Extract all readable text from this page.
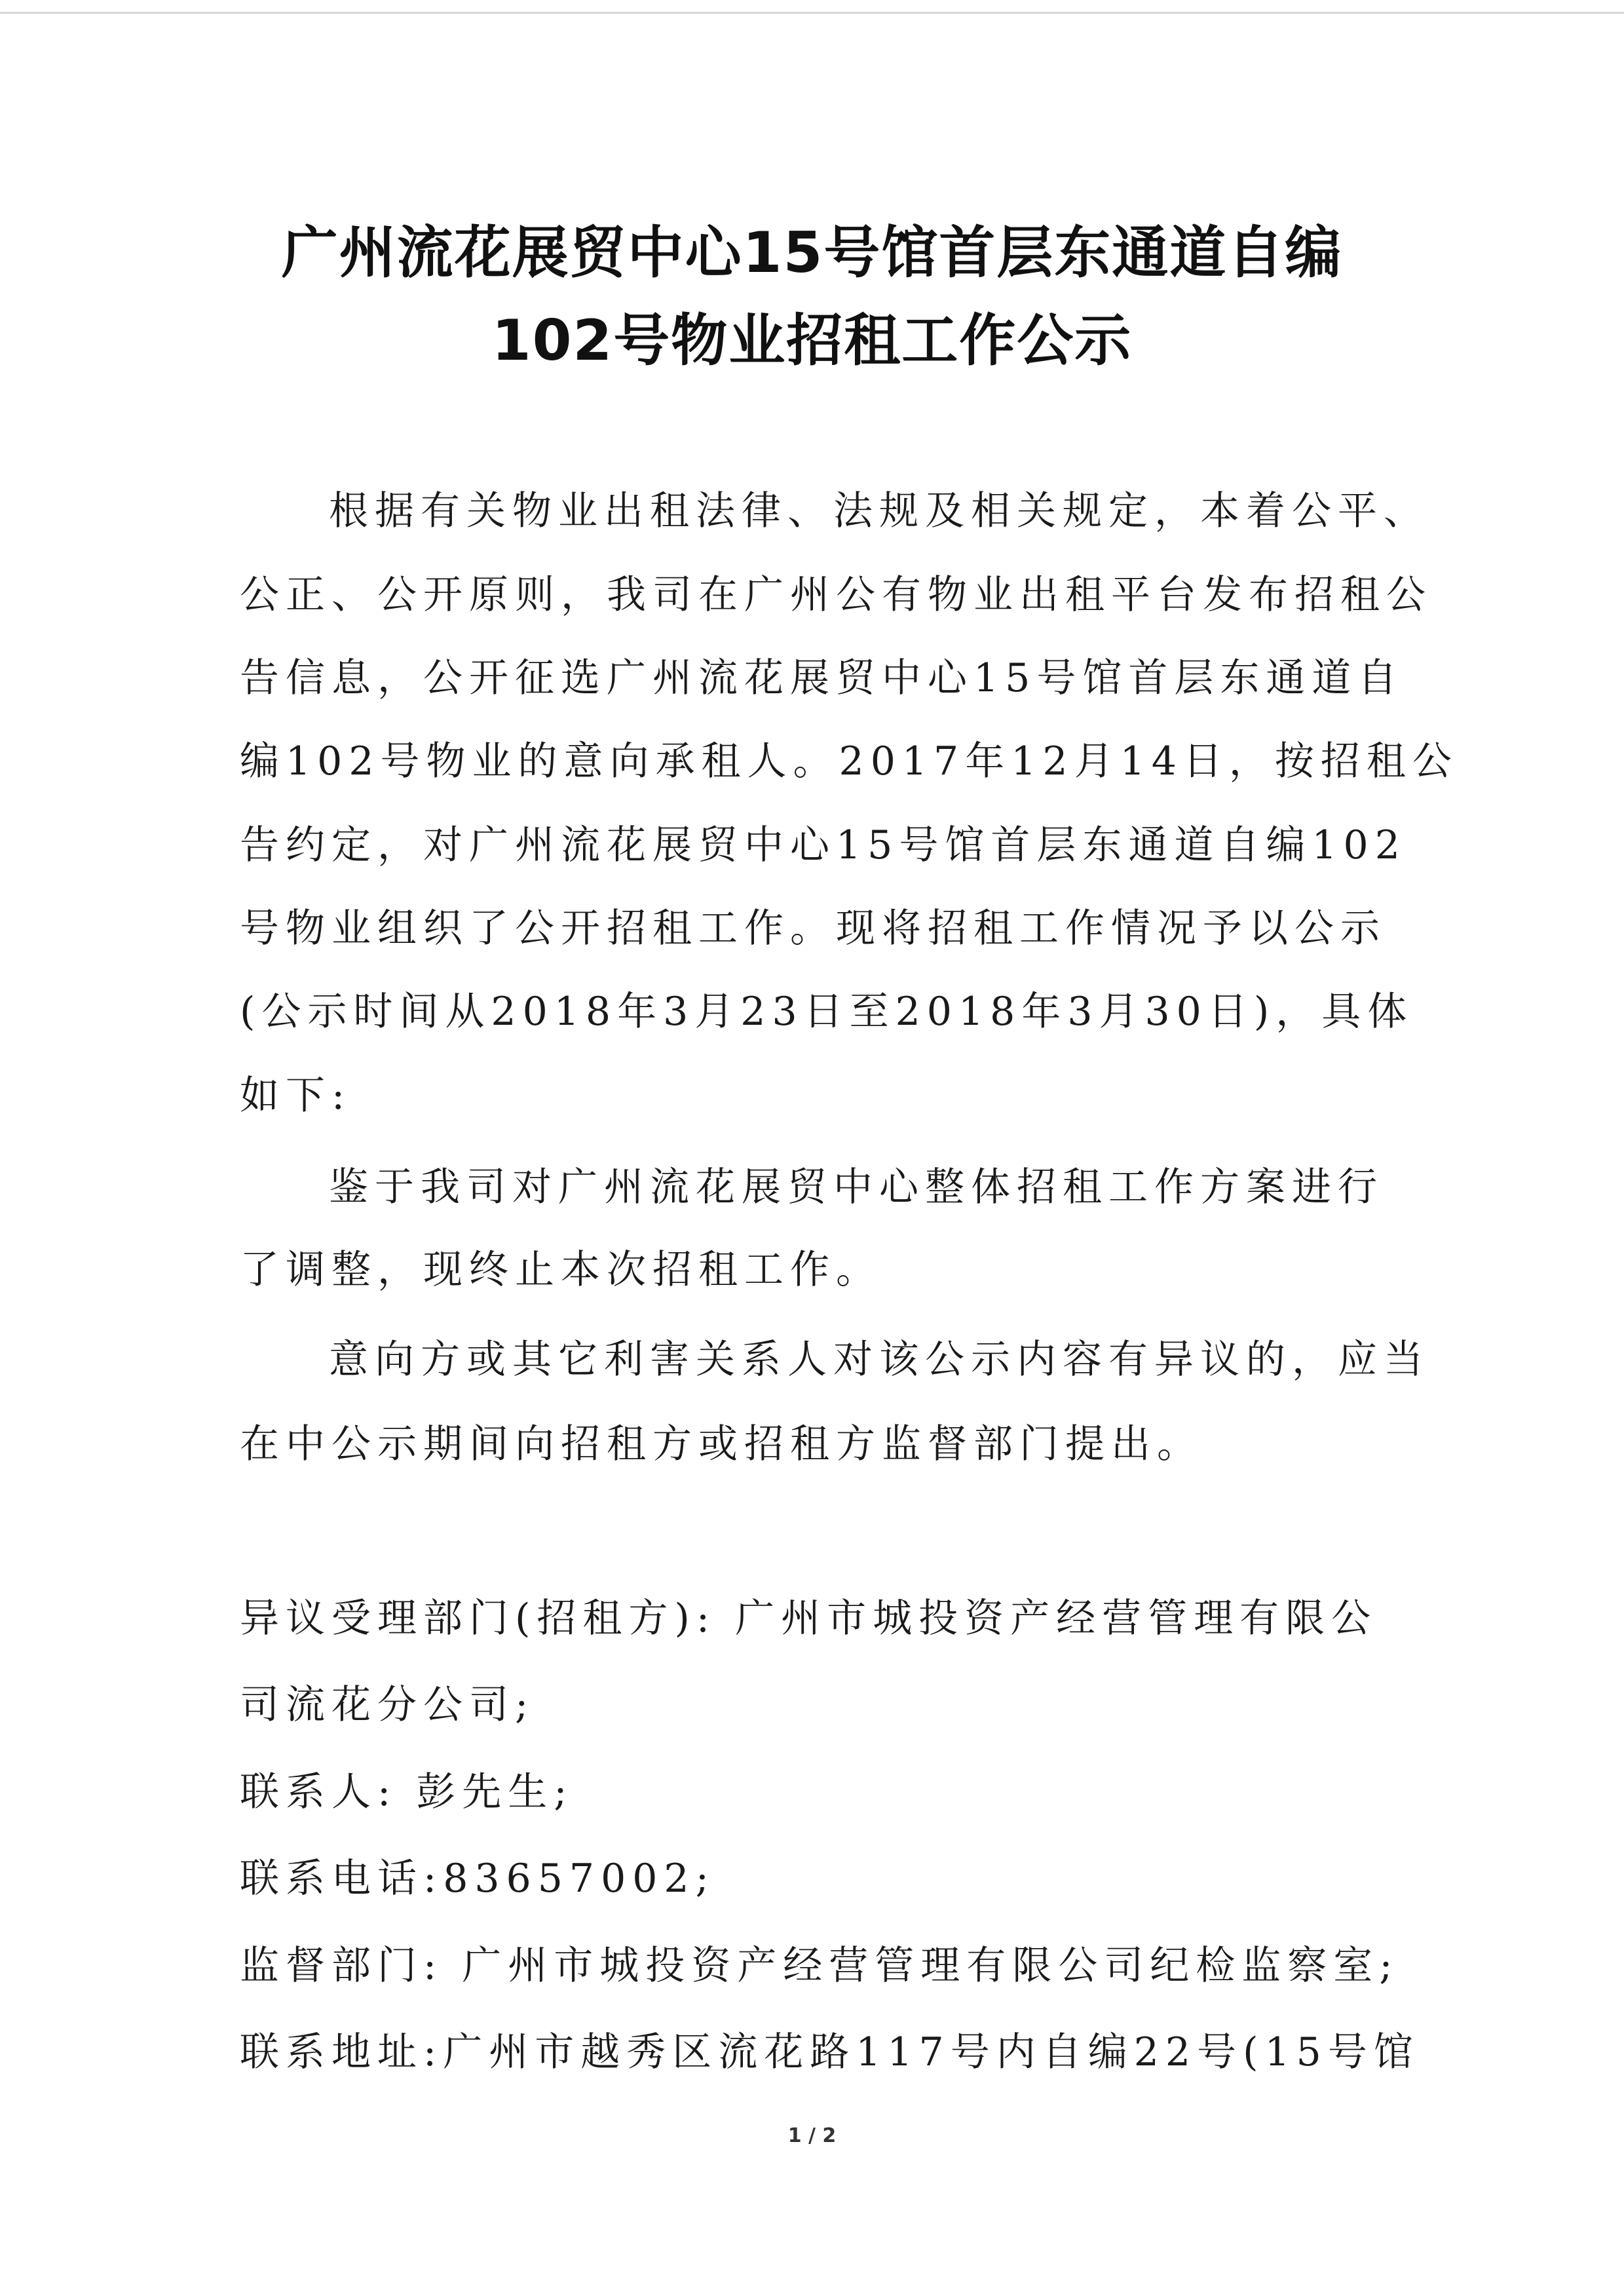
广州流花展贸中心15号馆首层东通道自编
102号物业招租工作公示
根据有关物业出租法律、法规及相关规定，本着公平、
公正、公开原则，我司在广州公有物业出租平台发布招租公
告信息，公开征选广州流花展贸中心15号馆首层东通道自
编102号物业的意向承租人。2017年12月14日，按招租公
告约定，对广州流花展贸中心15号馆首层东通道自编102
号物业组织了公开招租工作。现将招租工作情况予以公示
(公示时间从2018年3月23日至2018年3月30日)，具体
如下:
鉴于我司对广州流花展贸中心整体招租工作方案进行
了调整，现终止本次招租工作。
意向方或其它利害关系人对该公示内容有异议的，应当
在中公示期间向招租方或招租方监督部门提出。
异议受理部门(招租方): 广州市城投资产经营管理有限公
司流花分公司;
联系人: 彭先生;
联系电话:83657002;
监督部门: 广州市城投资产经营管理有限公司纪检监察室;
联系地址:广州市越秀区流花路117号内自编22号(15号馆
1 / 2
